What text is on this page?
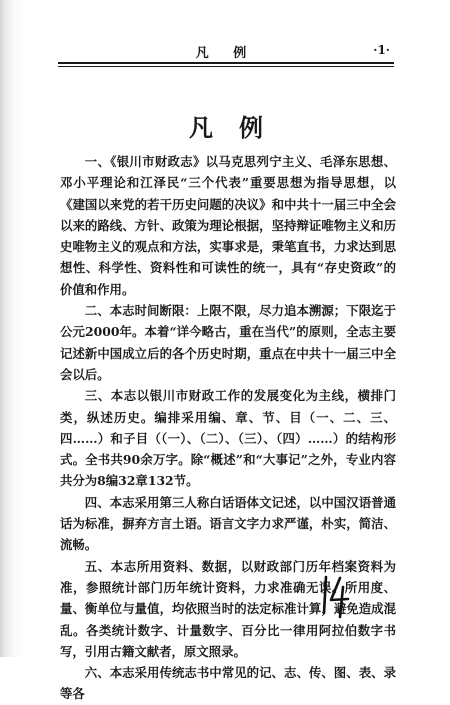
凡 例	·1·
凡例

一、《银川市财政志》以马克思列宁主义、毛泽东思想、邓小平理论和江泽民“三个代表”重要思想为指导思想，以《建国以来党的若干历史问题的决议》和中共十一届三中全会以来的路线、方针、政策为理论根据，坚持辩证唯物主义和历史唯物主义的观点和方法，实事求是，秉笔直书，力求达到思想性、科学性、资料性和可读性的统一，具有“存史资政”的价值和作用。

二、本志时间断限：上限不限，尽力追本溯源；下限迄于公元2000年。本着“详今略古，重在当代”的原则，全志主要记述新中国成立后的各个历史时期，重点在中共十一届三中全会以后。

三、本志以银川市财政工作的发展变化为主线，横排门类，纵述历史。编排采用编、章、节、目（一、二、三、四……）和子目（（一）、（二）、（三）、（四）……）的结构形式。全书共90余万字。除“概述”和“大事记”之外，专业内容共分为8编32章132节。

四、本志采用第三人称白话语体文记述，以中国汉语普通话为标准，摒弃方言土语。语言文字力求严谨，朴实，简洁、流畅。

五、本志所用资料、数据，以财政部门历年档案资料为准，参照统计部门历年统计资料，力求准确无误。所用度、量、衡单位与量值，均依照当时的法定标准计算，避免造成混乱。各类统计数字、计量数字、百分比一律用阿拉伯数字书写，引用古籍文献者，原文照录。

六、本志采用传统志书中常见的记、志、传、图、表、录等各
